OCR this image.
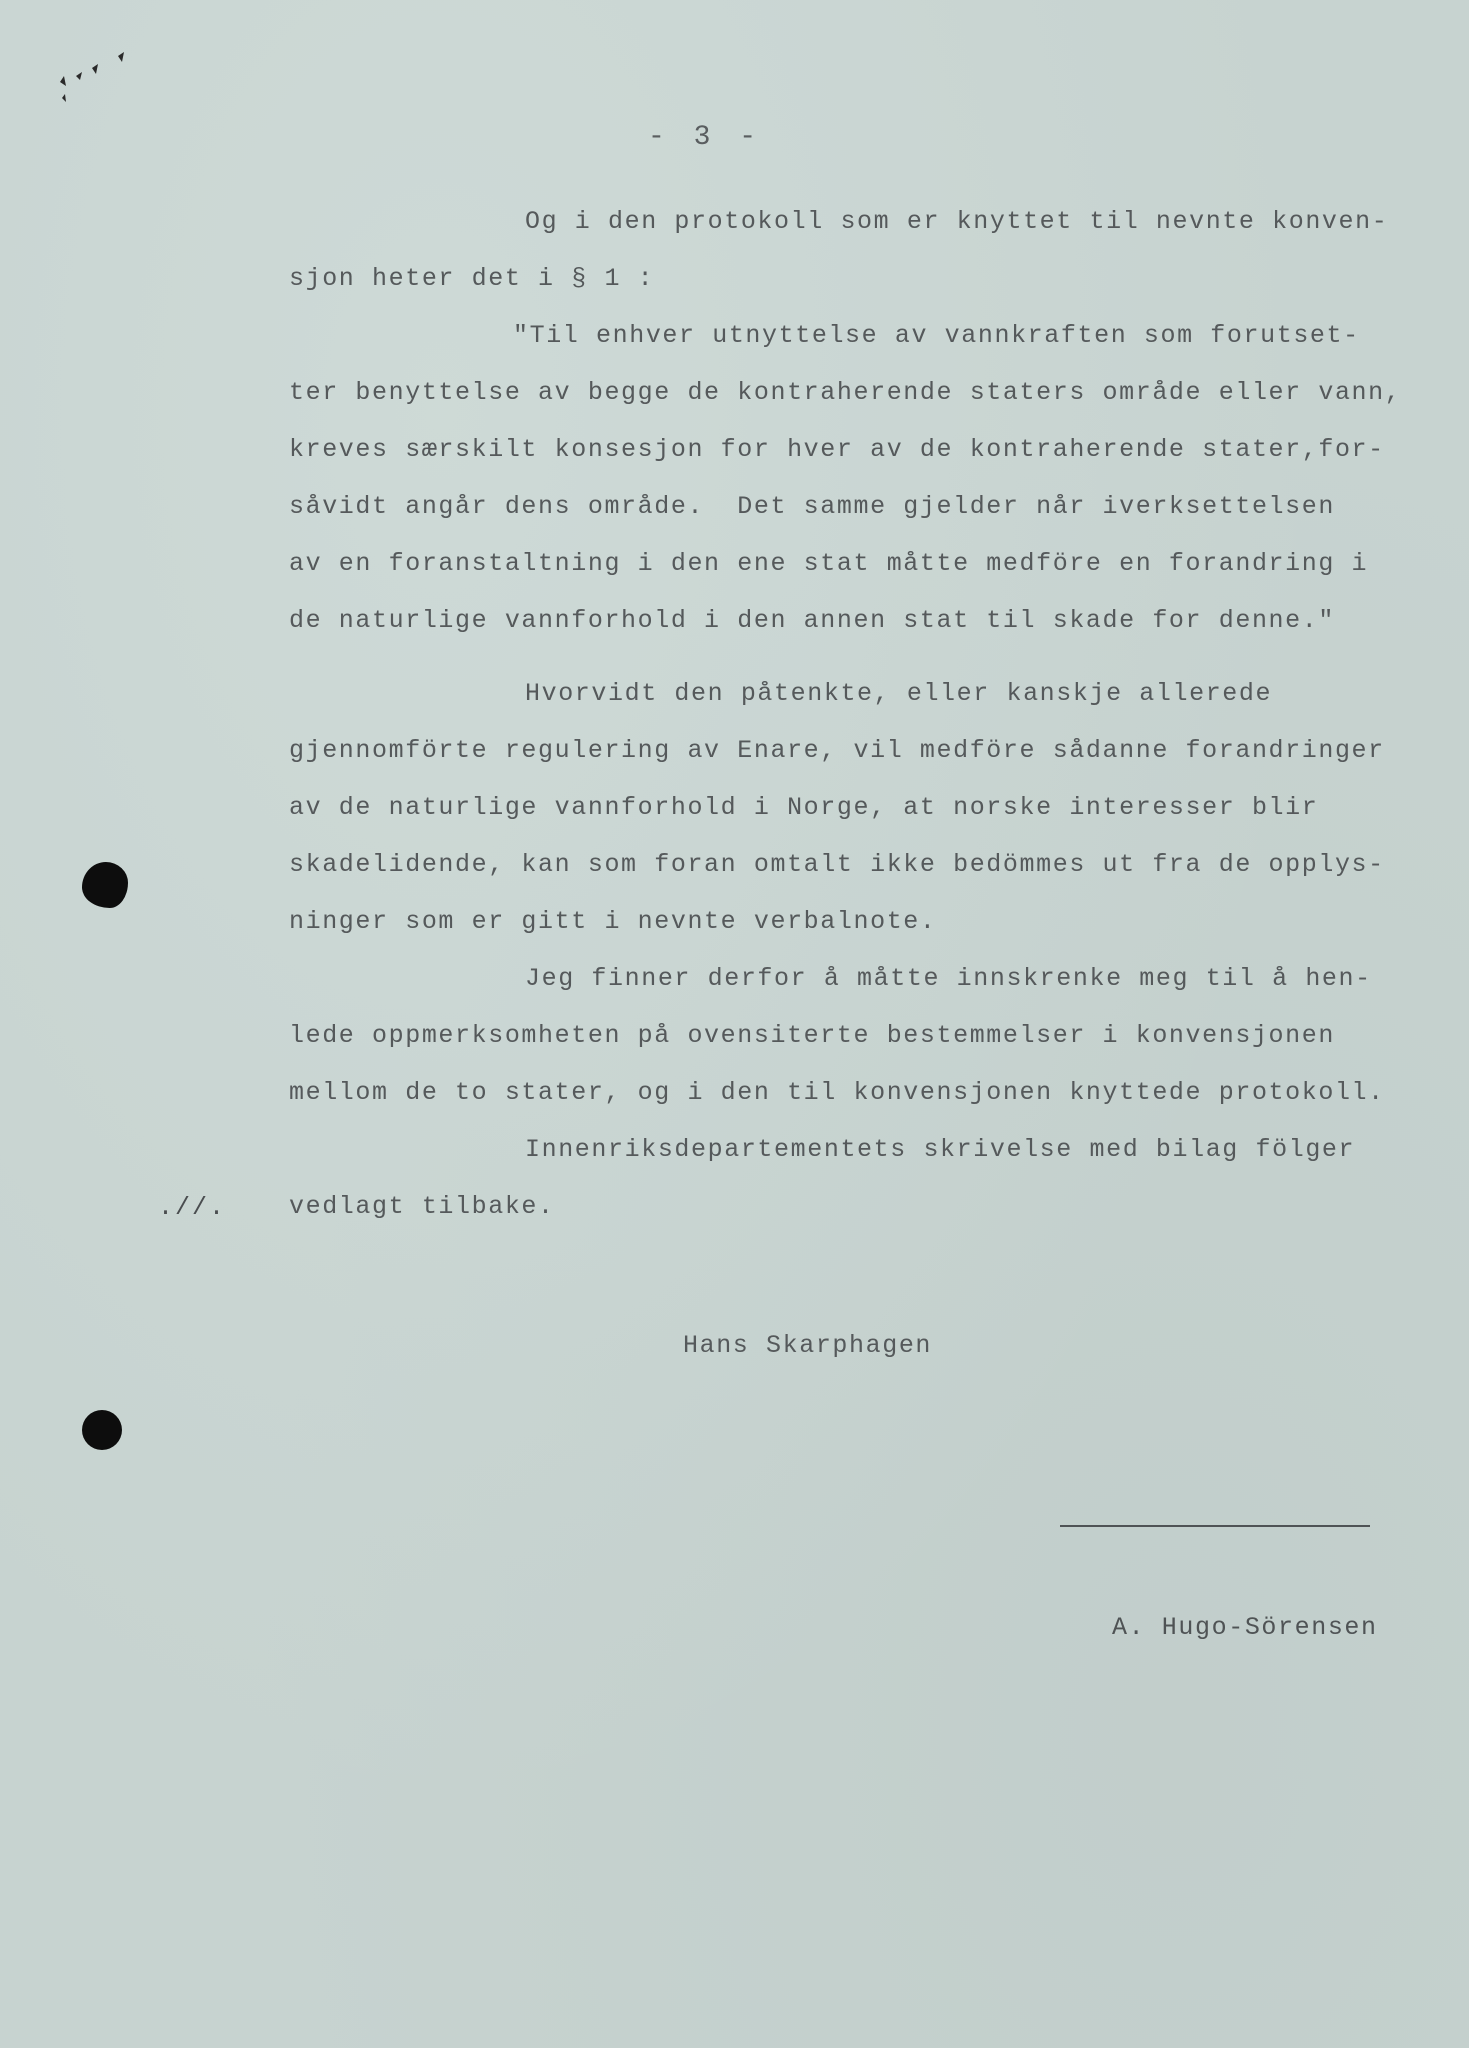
- 3 -
Og i den protokoll som er knyttet til nevnte konven-
sjon heter det i § 1 :
"Til enhver utnyttelse av vannkraften som forutset-
ter benyttelse av begge de kontraherende staters område eller vann,
kreves særskilt konsesjon for hver av de kontraherende stater,for-
såvidt angår dens område.  Det samme gjelder når iverksettelsen
av en foranstaltning i den ene stat måtte medföre en forandring i
de naturlige vannforhold i den annen stat til skade for denne."
Hvorvidt den påtenkte, eller kanskje allerede
gjennomförte regulering av Enare, vil medföre sådanne forandringer
av de naturlige vannforhold i Norge, at norske interesser blir
skadelidende, kan som foran omtalt ikke bedömmes ut fra de opplys-
ninger som er gitt i nevnte verbalnote.
Jeg finner derfor å måtte innskrenke meg til å hen-
lede oppmerksomheten på ovensiterte bestemmelser i konvensjonen
mellom de to stater, og i den til konvensjonen knyttede protokoll.
Innenriksdepartementets skrivelse med bilag fölger
.//.	vedlagt tilbake.
Hans Skarphagen
A. Hugo-Sörensen
